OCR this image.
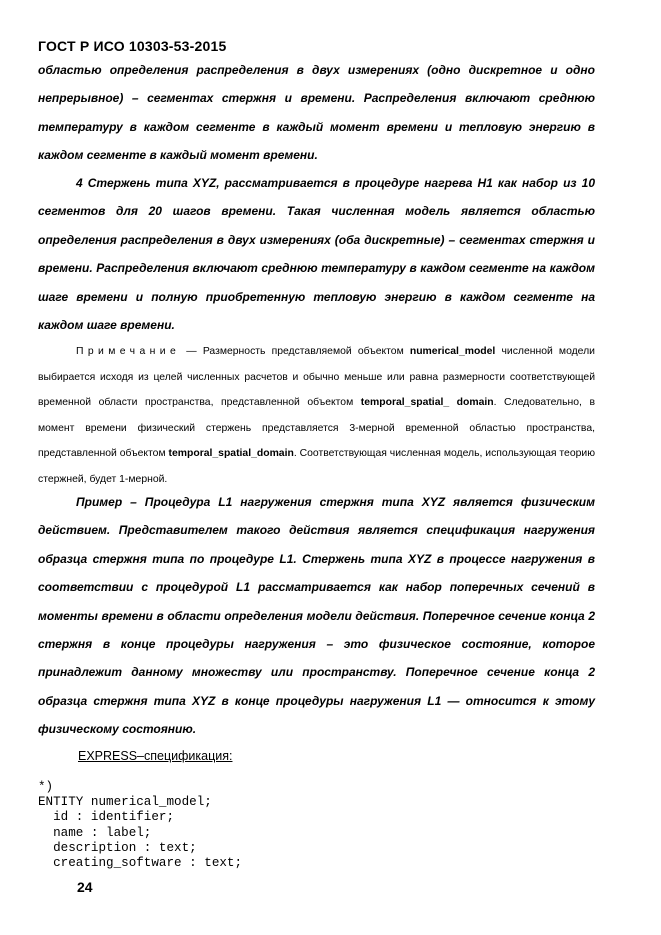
ГОСТ Р ИСО 10303-53-2015
областью определения распределения в двух измерениях (одно дискретное и одно непрерывное) – сегментах стержня и времени. Распределения включают среднюю температуру в каждом сегменте в каждый момент времени и тепловую энергию в каждом сегменте в каждый момент времени.
4 Стержень типа XYZ, рассматривается в процедуре нагрева H1 как набор из 10 сегментов для 20 шагов времени. Такая численная модель является областью определения распределения в двух измерениях (оба дискретные) – сегментах стержня и времени. Распределения включают среднюю температуру в каждом сегменте на каждом шаге времени и полную приобретенную тепловую энергию в каждом сегменте на каждом шаге времени.
Примечание — Размерность представляемой объектом numerical_model численной модели выбирается исходя из целей численных расчетов и обычно меньше или равна размерности соответствующей временной области пространства, представленной объектом temporal_spatial_ domain. Следовательно, в момент времени физический стержень представляется 3-мерной временной областью пространства, представленной объектом temporal_spatial_domain. Соответствующая численная модель, использующая теорию стержней, будет 1-мерной.
Пример – Процедура L1 нагружения стержня типа XYZ является физическим действием. Представителем такого действия является спецификация нагружения образца стержня типа по процедуре L1. Стержень типа XYZ в процессе нагружения в соответствии с процедурой L1 рассматривается как набор поперечных сечений в моменты времени в области определения модели действия. Поперечное сечение конца 2 стержня в конце процедуры нагружения – это физическое состояние, которое принадлежит данному множеству или пространству. Поперечное сечение конца 2 образца стержня типа XYZ в конце процедуры нагружения L1 — относится к этому физическому состоянию.
EXPRESS–спецификация:
*)
ENTITY numerical_model;
id : identifier;
name : label;
description : text;
creating_software : text;
24
